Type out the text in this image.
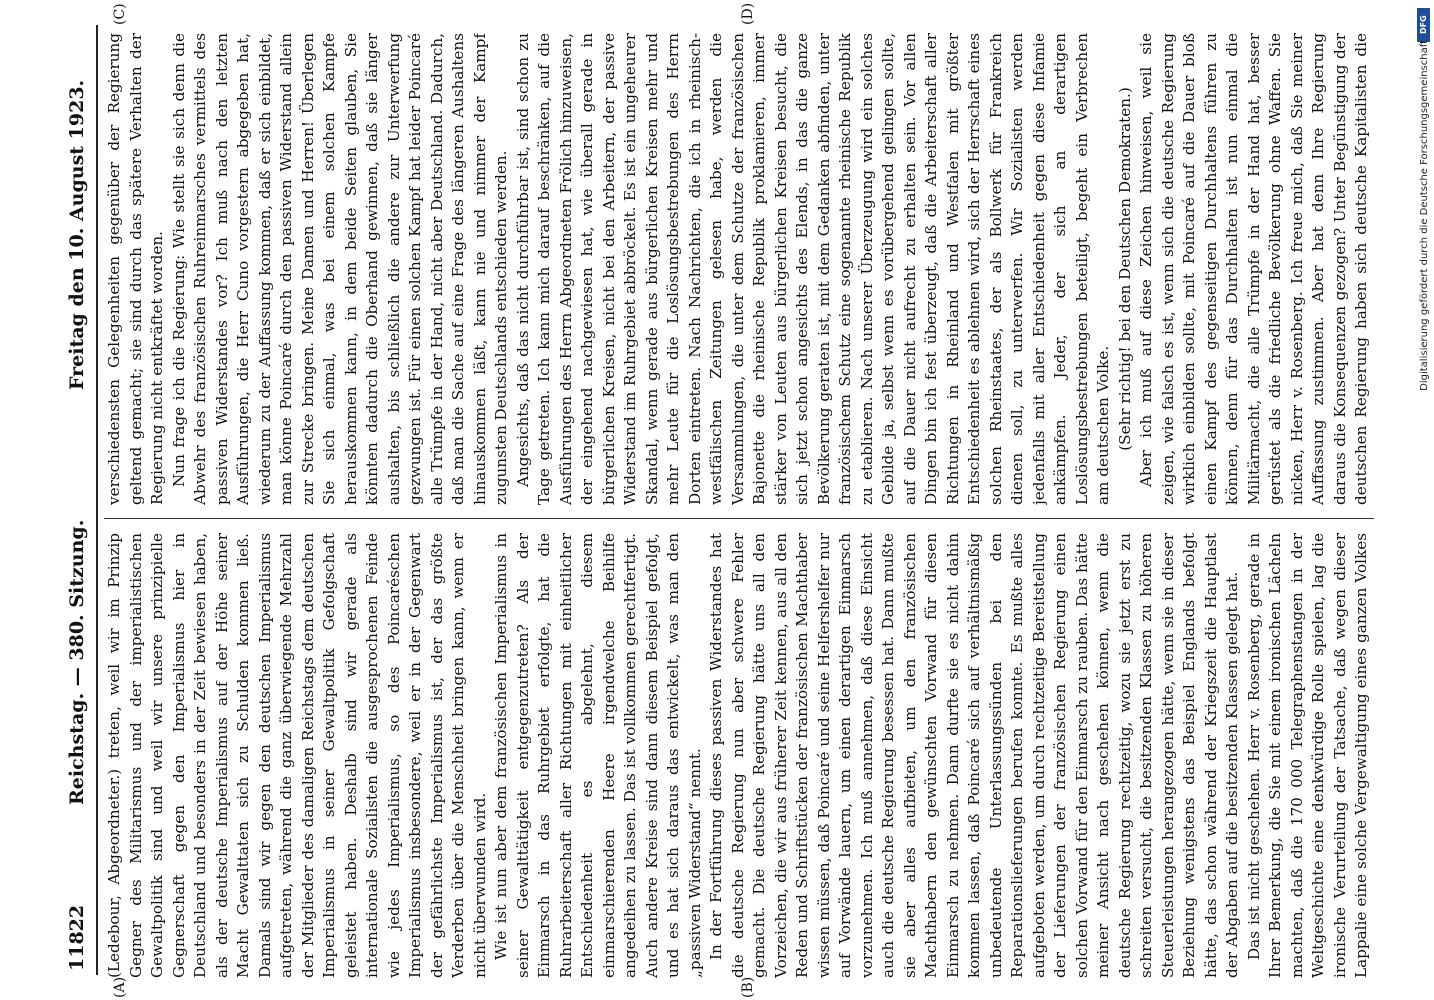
11822
Reichstag. — 380. Sitzung.
Freitag den 10. August 1923.
(A)	(B)
(C)	(D)

(Ledebour, Abgeordneter.) treten, weil wir im Prinzip Gegner des Militarismus und der imperialistischen Gewaltpolitik sind und weil wir unsere prinzipielle Gegnerschaft gegen den Imperialismus hier in Deutschland und besonders in der Zeit bewiesen haben, als der deutsche Imperialismus auf der Höhe seiner Macht Gewalttaten sich zu Schulden kommen ließ. Damals sind wir gegen den deutschen Imperialismus aufgetreten, während die ganz überwiegende Mehrzahl der Mitglieder des damaligen Reichstags dem deutschen Imperialismus in seiner Gewaltpolitik Gefolgschaft geleistet haben. Deshalb sind wir gerade als internationale Sozialisten die ausgesprochenen Feinde wie jedes Imperialismus, so des Poincaréschen Imperialismus insbesondere, weil er in der Gegenwart der gefährlichste Imperialismus ist, der das größte Verderben über die Menschheit bringen kann, wenn er nicht überwunden wird. Wie ist nun aber dem französischen Imperialismus in seiner Gewalttätigkeit entgegenzutreten? Als der Einmarsch in das Ruhrgebiet erfolgte, hat die Ruhrarbeiterschaft aller Richtungen mit einheitlicher Entschiedenheit es abgelehnt, diesem einmarschierenden Heere irgendwelche Beihilfe angedeihen zu lassen. Das ist vollkommen gerechtfertigt. Auch andere Kreise sind dann diesem Beispiel gefolgt, und es hat sich daraus das entwickelt, was man den „passiven Widerstand“ nennt. In der Fortführung dieses passiven Widerstandes hat die deutsche Regierung nun aber schwere Fehler gemacht. Die deutsche Regierung hätte uns all den Vorzeichen, die wir aus früherer Zeit kennen, aus all den Reden und Schriftstücken der französischen Machthaber wissen müssen, daß Poincaré und seine Helfershelfer nur auf Vorwände lauern, um einen derartigen Einmarsch vorzunehmen. Ich muß annehmen, daß diese Einsicht auch die deutsche Regierung besessen hat. Dann mußte sie aber alles aufbieten, um den französischen Machthabern den gewünschten Vorwand für diesen Einmarsch zu nehmen. Dann durfte sie es nicht dahin kommen lassen, daß Poincaré sich auf verhältnismäßig unbedeutende Unterlassungssünden bei den Reparationslieferungen berufen konnte. Es mußte alles aufgeboten werden, um durch rechtzeitige Bereitstellung der Lieferungen der französischen Regierung einen solchen Vorwand für den Einmarsch zu rauben. Das hätte meiner Ansicht nach geschehen können, wenn die deutsche Regierung rechtzeitig, wozu sie jetzt erst zu schreiten versucht, die besitzenden Klassen zu höheren Steuerleistungen herangezogen hätte, wenn sie in dieser Beziehung wenigstens das Beispiel Englands befolgt hätte, das schon während der Kriegszeit die Hauptlast der Abgaben auf die besitzenden Klassen gelegt hat. Das ist nicht geschehen. Herr v. Rosenberg, gerade in Ihrer Bemerkung, die Sie mit einem ironischen Lächeln machten, daß die 170 000 Telegraphenstangen in der Weltgeschichte eine denkwürdige Rolle spielen, lag die ironische Verurteilung der Tatsache, daß wegen dieser Lappalie eine solche Vergewaltigung eines ganzen Volkes

verschiedensten Gelegenheiten gegenüber der Regierung geltend gemacht; sie sind durch das spätere Verhalten der Regierung nicht entkräftet worden. Nun frage ich die Regierung: Wie stellt sie sich denn die Abwehr des französischen Ruhreinmarsches vermittels des passiven Widerstandes vor? Ich muß nach den letzten Ausführungen, die Herr Cuno vorgestern abgegeben hat, wiederum zu der Auffassung kommen, daß er sich einbildet, man könne Poincaré durch den passiven Widerstand allein zur Strecke bringen. Meine Damen und Herren! Überlegen Sie sich einmal, was bei einem solchen Kampfe herauskommen kann, in dem beide Seiten glauben, Sie könnten dadurch die Oberhand gewinnen, daß sie länger aushalten, bis schließlich die andere zur Unterwerfung gezwungen ist. Für einen solchen Kampf hat leider Poincaré alle Trümpfe in der Hand, nicht aber Deutschland. Dadurch, daß man die Sache auf eine Frage des längeren Aushaltens hinauskommen läßt, kann nie und nimmer der Kampf zugunsten Deutschlands entschieden werden. Angesichts, daß das nicht durchführbar ist, sind schon zu Tage getreten. Ich kann mich darauf beschränken, auf die Ausführungen des Herrn Abgeordneten Frölich hinzuweisen, der eingehend nachgewiesen hat, wie überall gerade in bürgerlichen Kreisen, nicht bei den Arbeitern, der passive Widerstand im Ruhrgebiet abbröckelt. Es ist ein ungeheurer Skandal, wenn gerade aus bürgerlichen Kreisen mehr und mehr Leute für die Loslösungsbestrebungen des Herrn Dorten eintreten. Nach Nachrichten, die ich in rheinisch-westfälischen Zeitungen gelesen habe, werden die Versammlungen, die unter dem Schutze der französischen Bajonette die rheinische Republik proklamieren, immer stärker von Leuten aus bürgerlichen Kreisen besucht, die sich jetzt schon angesichts des Elends, in das die ganze Bevölkerung geraten ist, mit dem Gedanken abfinden, unter französischem Schutz eine sogenannte rheinische Republik zu etablieren. Nach unserer Überzeugung wird ein solches Gebilde ja, selbst wenn es vorübergehend gelingen sollte, auf die Dauer nicht aufrecht zu erhalten sein. Vor allen Dingen bin ich fest überzeugt, daß die Arbeiterschaft aller Richtungen in Rheinland und Westfalen mit größter Entschiedenheit es ablehnen wird, sich der Herrschaft eines solchen Rheinstaates, der als Bollwerk für Frankreich dienen soll, zu unterwerfen. Wir Sozialisten werden jedenfalls mit aller Entschiedenheit gegen diese Infamie ankämpfen. Jeder, der sich an derartigen Loslösungsbestrebungen beteiligt, begeht ein Verbrechen am deutschen Volke. (Sehr richtig! bei den Deutschen Demokraten.)

Aber ich muß auf diese Zeichen hinweisen, weil sie zeigen, wie falsch es ist, wenn sich die deutsche Regierung wirklich einbilden sollte, mit Poincaré auf die Dauer bloß einen Kampf des gegenseitigen Durchhaltens führen zu können, denn für das Durchhalten ist nun einmal die Militärmacht, die alle Trümpfe in der Hand hat, besser gerüstet als die friedliche Bevölkerung ohne Waffen. Sie nicken, Herr v. Rosenberg. Ich freue mich, daß Sie meiner Auffassung zustimmen. Aber hat denn Ihre Regierung daraus die Konsequenzen gezogen? Unter Begünstigung der deutschen Regierung haben sich deutsche Kapitalisten die

DFG
Digitalisierung gefördert durch die Deutsche Forschungsgemeinschaft
